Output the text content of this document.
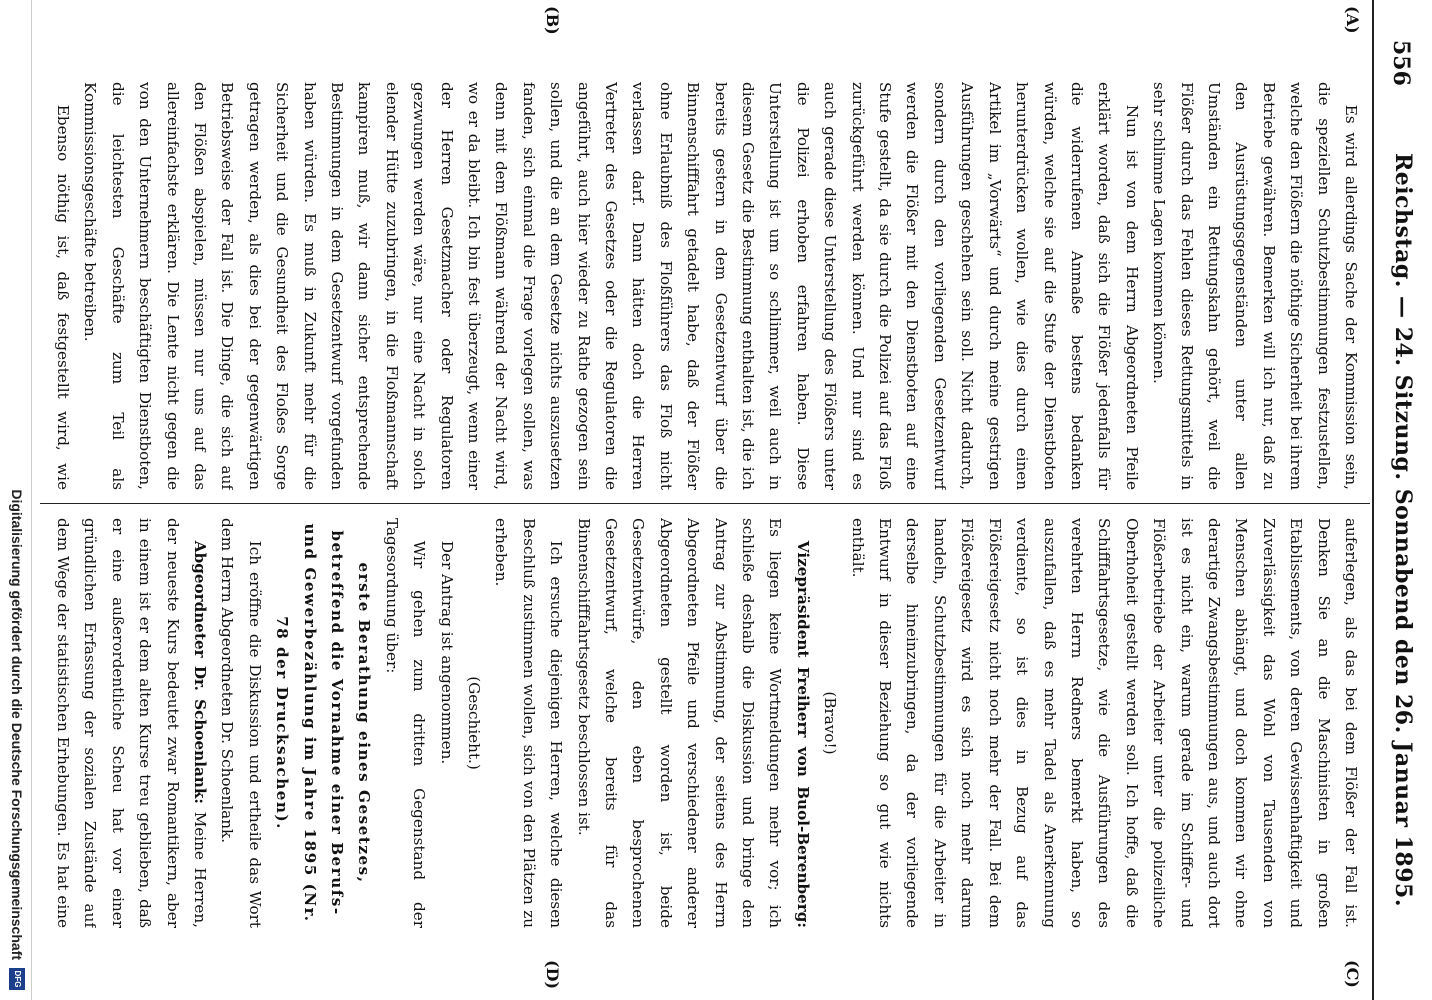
556
Reichstag. — 24. Sitzung. Sonnabend den 26. Januar 1895.
(A)
(B)
(C)
(D)

Es wird allerdings Sache der Kommission sein, die speziellen Schutzbestimmungen festzustellen, welche den Flößern die nöthige Sicherheit bei ihrem Betriebe gewähren. Bemerken will ich nur, daß zu den Ausrüstungsgegenständen unter allen Umständen ein Rettungskahn gehört, weil die Flößer durch das Fehlen dieses Rettungsmittels in sehr schlimme Lagen kommen können.

Nun ist von dem Herrn Abgeordneten Pfeile erklärt worden, daß sich die Flößer jedenfalls für die widerrufenen Anmaße bestens bedanken würden, welche sie auf die Stufe der Dienstboten herunterdrücken wollen, wie dies durch einen Artikel im „Vorwärts“ und durch meine gestrigen Ausführungen geschehen sein soll. Nicht dadurch, sondern durch den vorliegenden Gesetzentwurf werden die Flößer mit den Dienstboten auf eine Stufe gestellt, da sie durch die Polizei auf das Floß zurückgeführt werden können. Und nur sind es auch gerade diese Unterstellung des Flößers unter die Polizei erhoben erfahren haben. Diese Unterstellung ist um so schlimmer, weil auch in diesem Gesetz die Bestimmung enthalten ist, die ich bereits gestern in dem Gesetzentwurf über die Binnenschifffahrt getadelt habe, daß der Flößer ohne Erlaubniß des Floßführers das Floß nicht verlassen darf. Dann hätten doch die Herren Vertreter des Gesetzes oder die Regulatoren die angeführt, auch hier wieder zu Rathe gezogen sein sollen, und die an dem Gesetze nichts auszusetzen fanden, sich einmal die Frage vorlegen sollen, was denn mit dem Flößmann während der Nacht wird, wo er da bleibt. Ich bin fest überzeugt, wenn einer der Herren Gesetzmacher oder Regulatoren gezwungen werden wäre, nur eine Nacht in solch elender Hütte zuzubringen, in die Floßmannschaft kampiren muß, wir dann sicher entsprechende Bestimmungen in dem Gesetzentwurf vorgefunden haben würden. Es muß in Zukunft mehr für die Sicherheit und die Gesundheit des Floßes Sorge getragen werden, als dies bei der gegenwärtigen Betriebsweise der Fall ist. Die Dinge, die sich auf den Flößen abspielen, müssen nur uns auf das allereinfachste erklären. Die Lente nicht gegen die von den Unternehmern beschäftigten Dienstboten, die leichtesten Geschäfte zum Teil als Kommissionsgeschäfte betreiben.

Ebenso nöthig ist, daß festgestellt wird, wie

auferlegen, als das bei dem Flößer der Fall ist. Denken Sie an die Maschinisten in großen Etablissements, von deren Gewissenhaftigkeit und Zuverlässigkeit das Wohl von Tausenden von Menschen abhängt, und doch kommen wir ohne derartige Zwangsbestimmungen aus, und auch dort ist es nicht ein, warum gerade im Schiffer- und Flößerbetriebe der Arbeiter unter die polizeiliche Oberhoheit gestellt werden soll. Ich hoffe, daß die Schifffahrtsgesetze, wie die Ausführungen des verehrten Herrn Redners bemerkt haben, so auszufallen, daß es mehr Tadel als Anerkennung verdiente, so ist dies in Bezug auf das Flößereigesetz nicht noch mehr der Fall. Bei dem Flößereigesetz wird es sich noch mehr darum handeln, Schutzbestimmungen für die Arbeiter in derselbe hineinzubringen, da der vorliegende Entwurf in dieser Beziehung so gut wie nichts enthält.

(Bravo!)

Vizepräsident Freiherr von Buol-Berenberg: Es liegen keine Wortmeldungen mehr vor; ich schließe deshalb die Diskussion und bringe den Antrag zur Abstimmung, der seitens des Herrn Abgeordneten Pfeile und verschiedener anderer Abgeordneten gestellt worden ist, beide Gesetzentwürfe, den eben besprochenen Gesetzentwurf, welche bereits für das Binnenschifffahrtsgesetz beschlossen ist.

Ich ersuche diejenigen Herren, welche diesen Beschluß zustimmen wollen, sich von den Plätzen zu erheben.

(Geschieht.)

Der Antrag ist angenommen.

Wir gehen zum dritten Gegenstand der Tagesordnung über:

erste Berathung eines Gesetzes, betreffend die Vornahme einer Berufs- und Gewerbezählung im Jahre 1895 (Nr. 78 der Drucksachen).

Ich eröffne die Diskussion und ertheile das Wort dem Herrn Abgeordneten Dr. Schoenlank.

Abgeordneter Dr. Schoenlank: Meine Herren, der neueste Kurs bedeutet zwar Romantikern, aber in einem ist er dem alten Kurse treu geblieben, daß er eine außerordentliche Scheu hat vor einer gründlichen Erfassung der sozialen Zustände auf dem Wege der statistischen Erhebungen. Es hat eine

Digitalisierung gefördert durch die Deutsche Forschungsgemeinschaft
DFG
